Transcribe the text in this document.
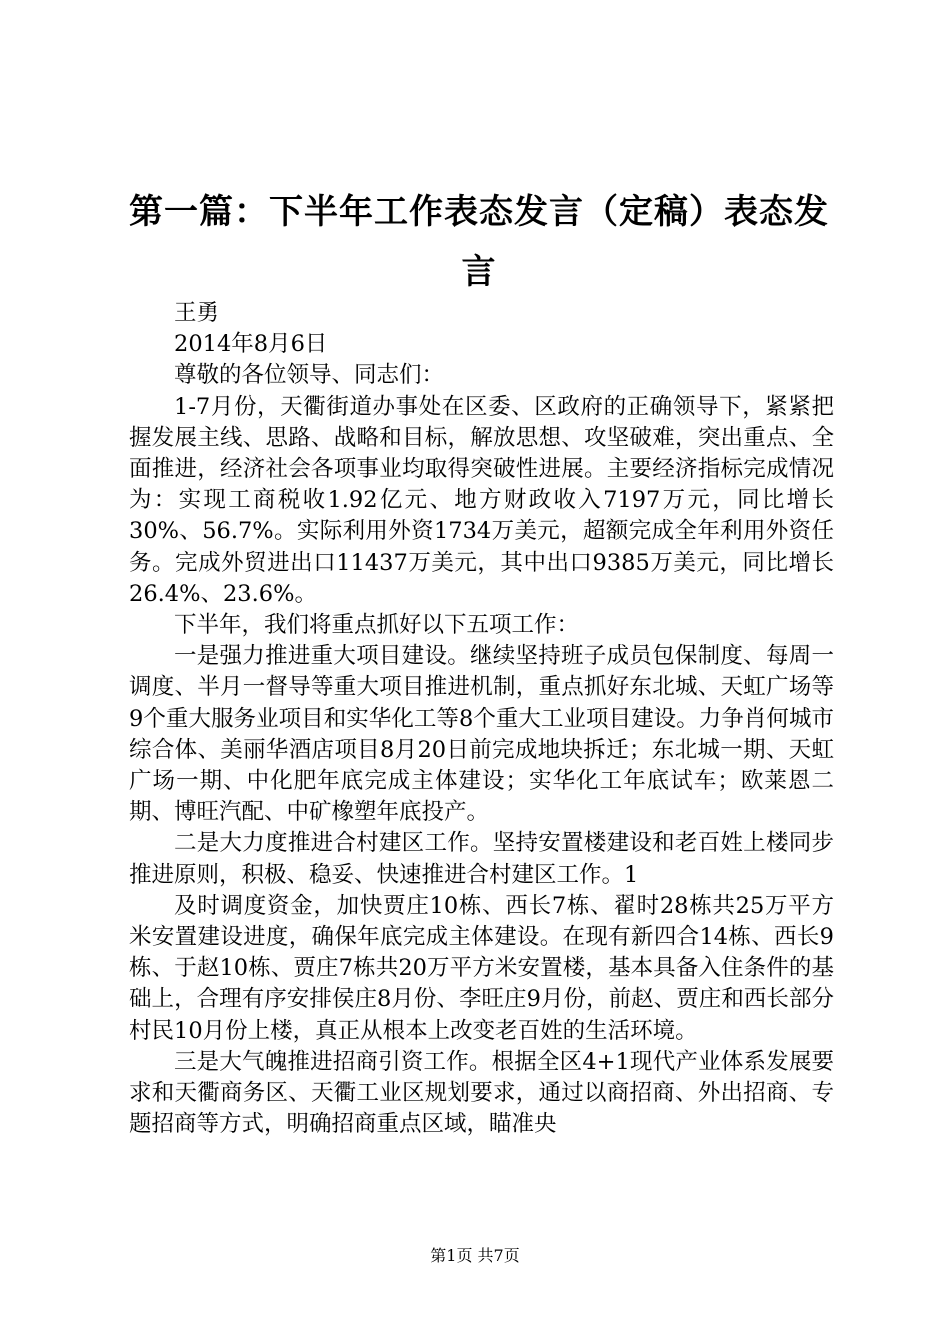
第一篇：下半年工作表态发言（定稿）表态发言

王勇

2014年8月6日

尊敬的各位领导、同志们：

1-7月份，天衢街道办事处在区委、区政府的正确领导下，紧紧把握发展主线、思路、战略和目标，解放思想、攻坚破难，突出重点、全面推进，经济社会各项事业均取得突破性进展。主要经济指标完成情况为：实现工商税收1.92亿元、地方财政收入7197万元，同比增长30%、56.7%。实际利用外资1734万美元，超额完成全年利用外资任务。完成外贸进出口11437万美元，其中出口9385万美元，同比增长26.4%、23.6%。

下半年，我们将重点抓好以下五项工作：

一是强力推进重大项目建设。继续坚持班子成员包保制度、每周一调度、半月一督导等重大项目推进机制，重点抓好东北城、天虹广场等9个重大服务业项目和实华化工等8个重大工业项目建设。力争肖何城市综合体、美丽华酒店项目8月20日前完成地块拆迁；东北城一期、天虹广场一期、中化肥年底完成主体建设；实华化工年底试车；欧莱恩二期、博旺汽配、中矿橡塑年底投产。

二是大力度推进合村建区工作。坚持安置楼建设和老百姓上楼同步推进原则，积极、稳妥、快速推进合村建区工作。1

及时调度资金，加快贾庄10栋、西长7栋、翟时28栋共25万平方米安置建设进度，确保年底完成主体建设。在现有新四合14栋、西长9栋、于赵10栋、贾庄7栋共20万平方米安置楼，基本具备入住条件的基础上，合理有序安排侯庄8月份、李旺庄9月份，前赵、贾庄和西长部分村民10月份上楼，真正从根本上改变老百姓的生活环境。

三是大气魄推进招商引资工作。根据全区4+1现代产业体系发展要求和天衢商务区、天衢工业区规划要求，通过以商招商、外出招商、专题招商等方式，明确招商重点区域，瞄准央

第1页 共7页
